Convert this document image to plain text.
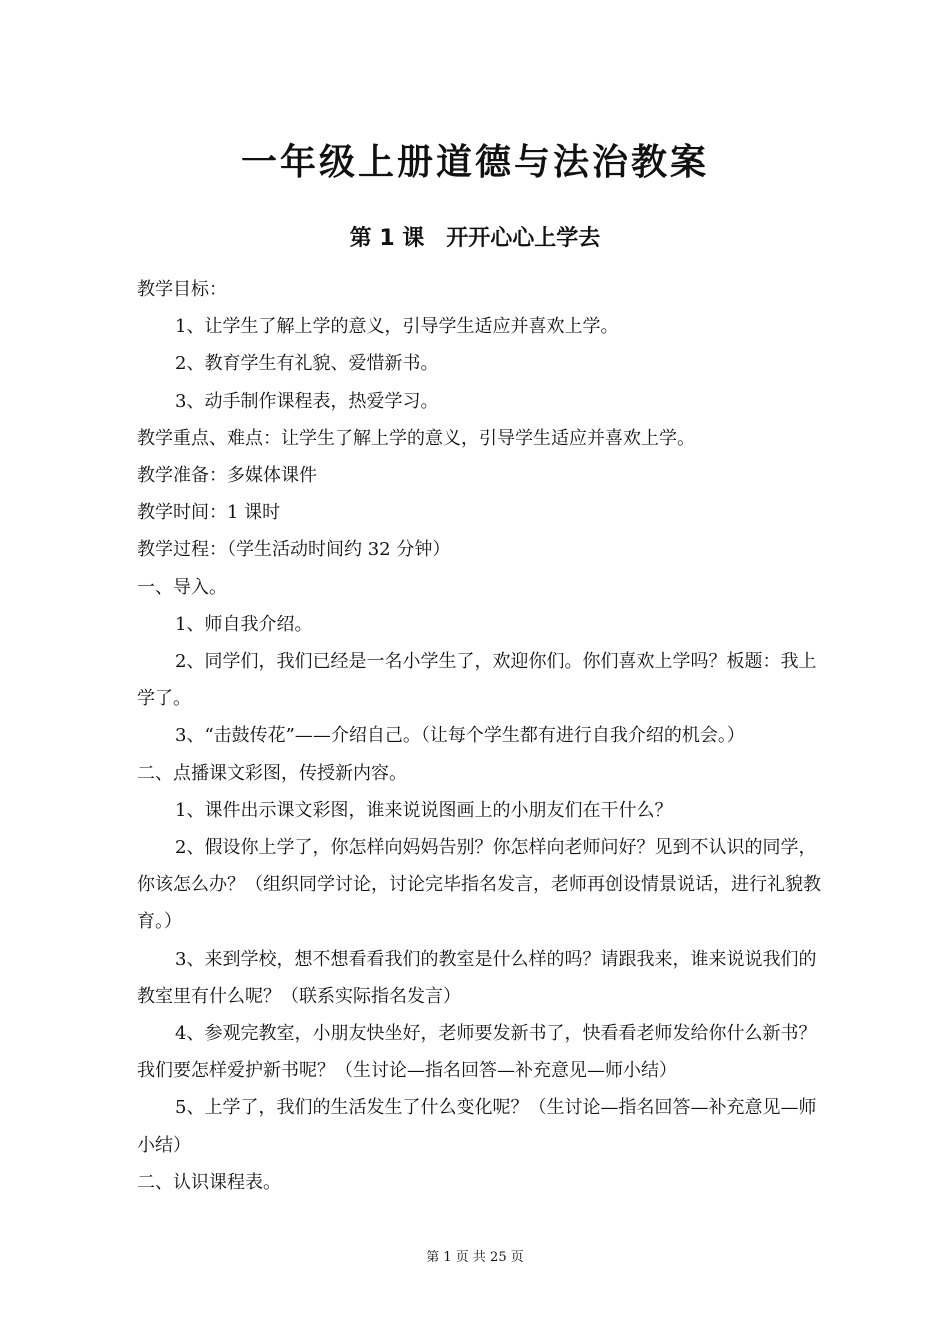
一年级上册道德与法治教案
第 1 课　开开心心上学去

教学目标：

1、让学生了解上学的意义，引导学生适应并喜欢上学。

2、教育学生有礼貌、爱惜新书。

3、动手制作课程表，热爱学习。

教学重点、难点：让学生了解上学的意义，引导学生适应并喜欢上学。

教学准备：多媒体课件

教学时间：1 课时

教学过程：（学生活动时间约 32 分钟）

一、导入。

1、师自我介绍。

2、同学们，我们已经是一名小学生了，欢迎你们。你们喜欢上学吗？板题：我上学了。

3、“击鼓传花”——介绍自己。（让每个学生都有进行自我介绍的机会。）

二、点播课文彩图，传授新内容。

1、课件出示课文彩图，谁来说说图画上的小朋友们在干什么？

2、假设你上学了，你怎样向妈妈告别？你怎样向老师问好？见到不认识的同学，你该怎么办？（组织同学讨论，讨论完毕指名发言，老师再创设情景说话，进行礼貌教育。）

3、来到学校，想不想看看我们的教室是什么样的吗？请跟我来，谁来说说我们的教室里有什么呢？（联系实际指名发言）

4、参观完教室，小朋友快坐好，老师要发新书了，快看看老师发给你什么新书？我们要怎样爱护新书呢？（生讨论—指名回答—补充意见—师小结）

5、上学了，我们的生活发生了什么变化呢？（生讨论—指名回答—补充意见—师小结）

二、认识课程表。

第 1 页 共 25 页
